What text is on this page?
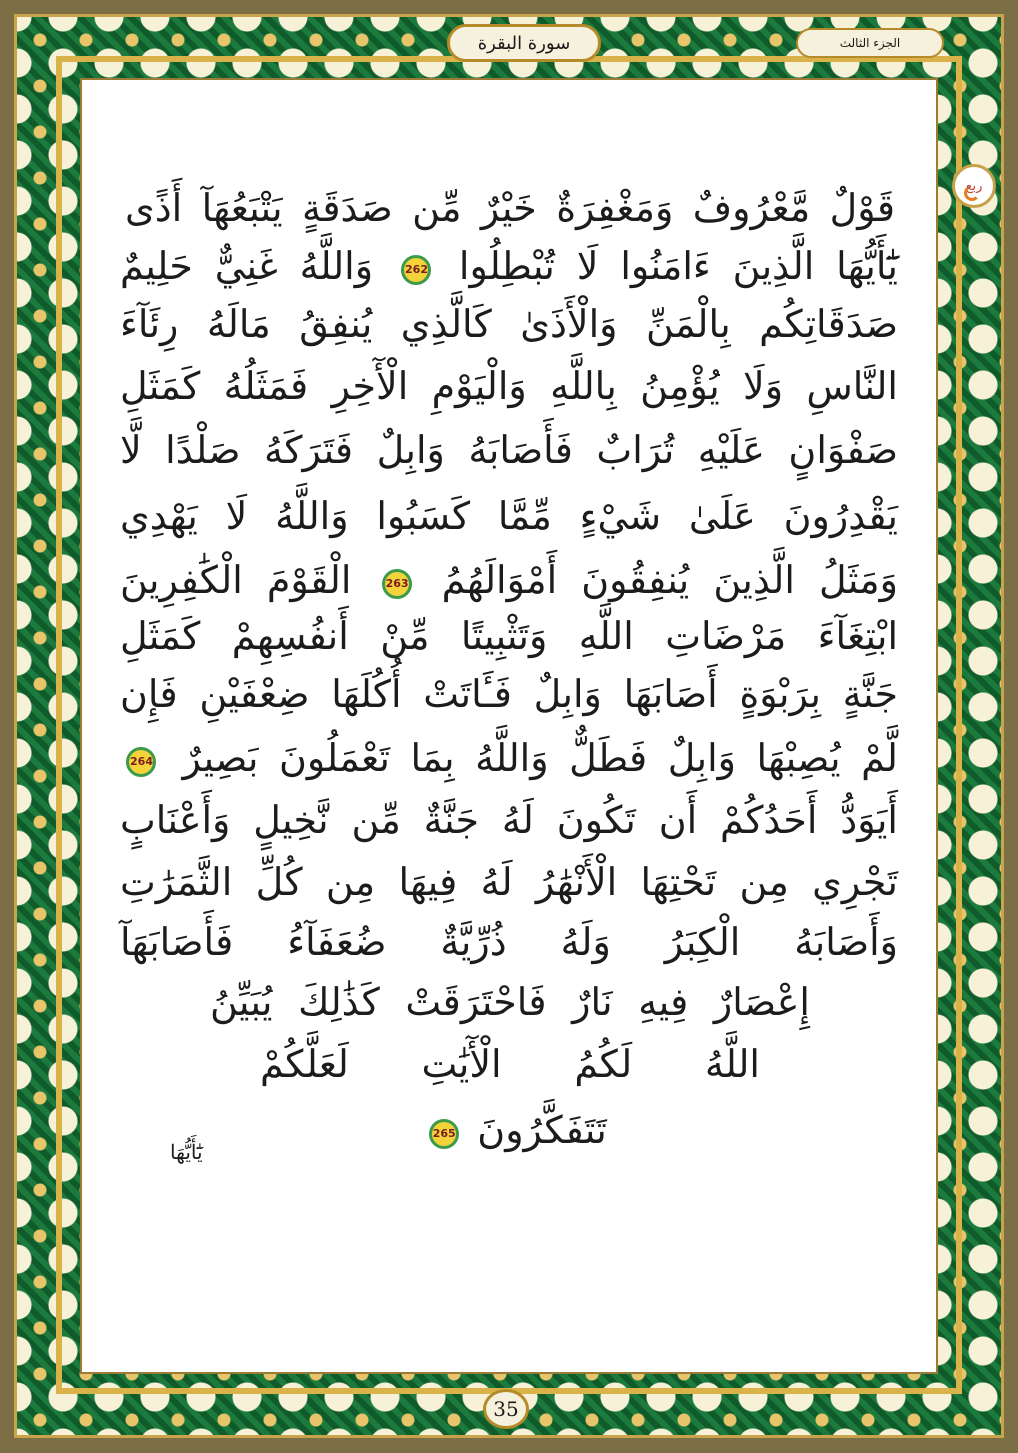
سورة البقرة	الجزء الثالث
ربع
قَوْلٌ مَّعْرُوفٌ وَمَغْفِرَةٌ خَيْرٌ مِّن صَدَقَةٍ يَتْبَعُهَآ أَذًى
يَٰٓأَيُّهَا الَّذِينَ ءَامَنُوا لَا تُبْطِلُوا 262 وَاللَّهُ غَنِيٌّ حَلِيمٌ
صَدَقَاتِكُم بِالْمَنِّ وَالْأَذَىٰ كَالَّذِي يُنفِقُ مَالَهُ رِئَآءَ
النَّاسِ وَلَا يُؤْمِنُ بِاللَّهِ وَالْيَوْمِ الْأٓخِرِ فَمَثَلُهُ كَمَثَلِ
صَفْوَانٍ عَلَيْهِ تُرَابٌ فَأَصَابَهُ وَابِلٌ فَتَرَكَهُ صَلْدًا لَّا
يَقْدِرُونَ عَلَىٰ شَيْءٍ مِّمَّا كَسَبُوا وَاللَّهُ لَا يَهْدِي
وَمَثَلُ الَّذِينَ يُنفِقُونَ أَمْوَالَهُمُ 263 الْقَوْمَ الْكَٰفِرِينَ
ابْتِغَآءَ مَرْضَاتِ اللَّهِ وَتَثْبِيتًا مِّنْ أَنفُسِهِمْ كَمَثَلِ
جَنَّةٍ بِرَبْوَةٍ أَصَابَهَا وَابِلٌ فَـَٔاتَتْ أُكُلَهَا ضِعْفَيْنِ فَإِن
لَّمْ يُصِبْهَا وَابِلٌ فَطَلٌّ وَاللَّهُ بِمَا تَعْمَلُونَ بَصِيرٌ 264
أَيَوَدُّ أَحَدُكُمْ أَن تَكُونَ لَهُ جَنَّةٌ مِّن نَّخِيلٍ وَأَعْنَابٍ
تَجْرِي مِن تَحْتِهَا الْأَنْهَٰرُ لَهُ فِيهَا مِن كُلِّ الثَّمَرَٰتِ
وَأَصَابَهُ الْكِبَرُ وَلَهُ ذُرِّيَّةٌ ضُعَفَآءُ فَأَصَابَهَآ
إِعْصَارٌ فِيهِ نَارٌ فَاحْتَرَقَتْ كَذَٰلِكَ يُبَيِّنُ
اللَّهُ لَكُمُ الْأٓيَٰتِ لَعَلَّكُمْ
تَتَفَكَّرُونَ 265
يَٰٓأَيُّهَا
35
